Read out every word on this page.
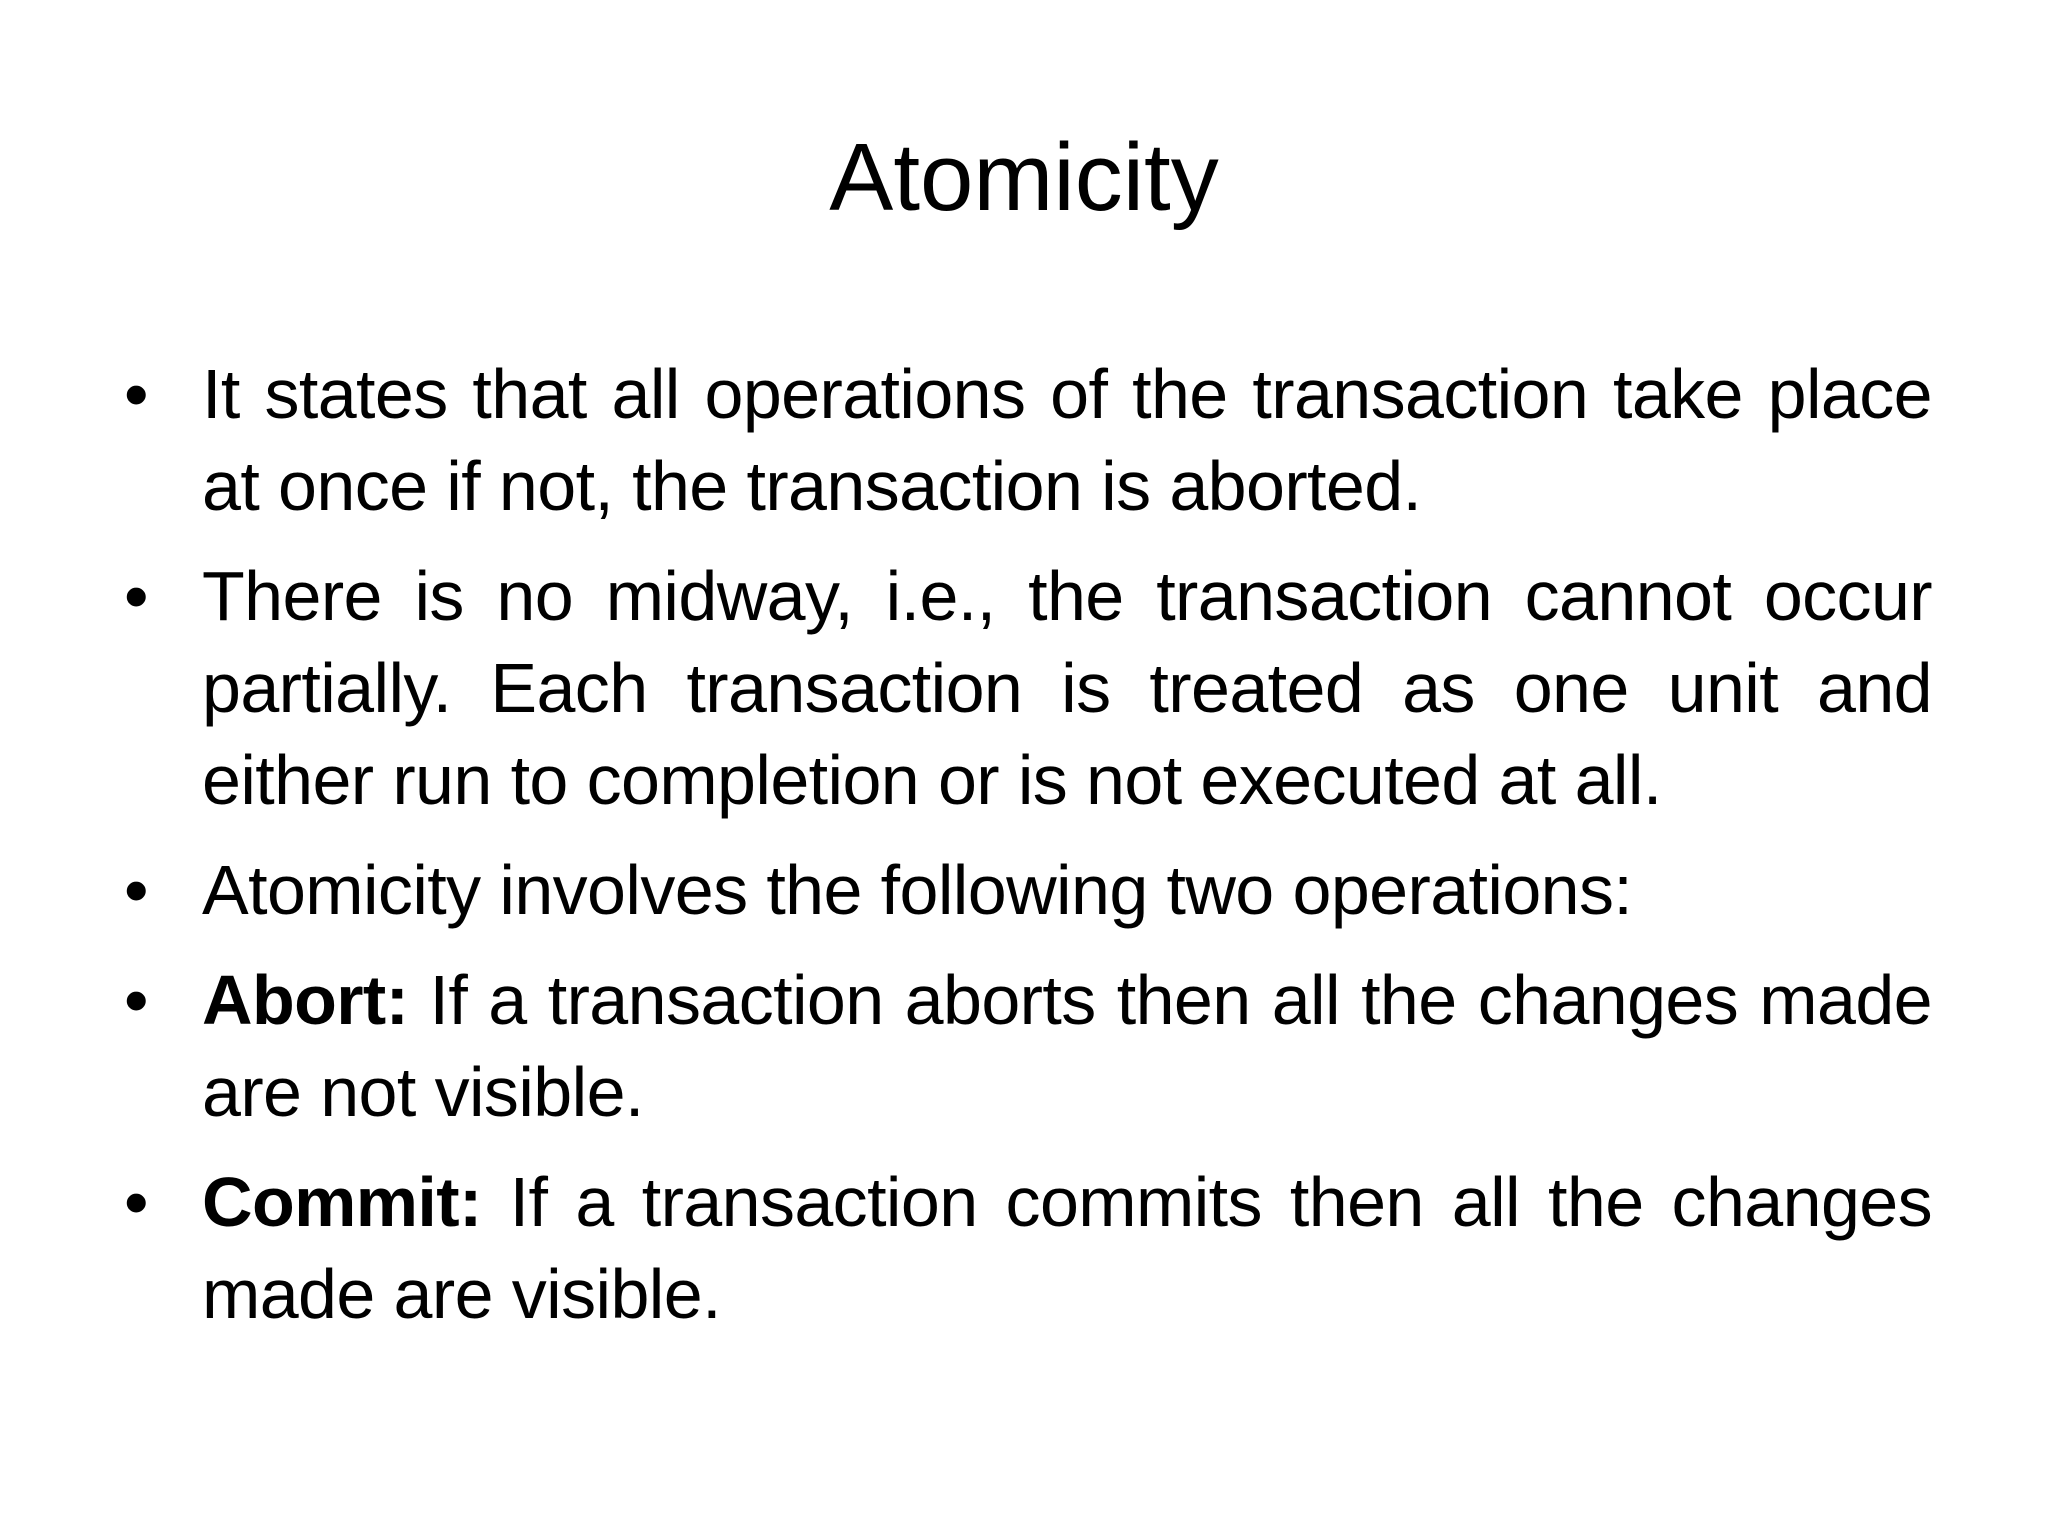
Atomicity
• It states that all operations of the transaction take place at once if not, the transaction is aborted.
• There is no midway, i.e., the transaction cannot occur partially. Each transaction is treated as one unit and either run to completion or is not executed at all.
• Atomicity involves the following two operations:
• Abort: If a transaction aborts then all the changes made are not visible.
• Commit: If a transaction commits then all the changes made are visible.
